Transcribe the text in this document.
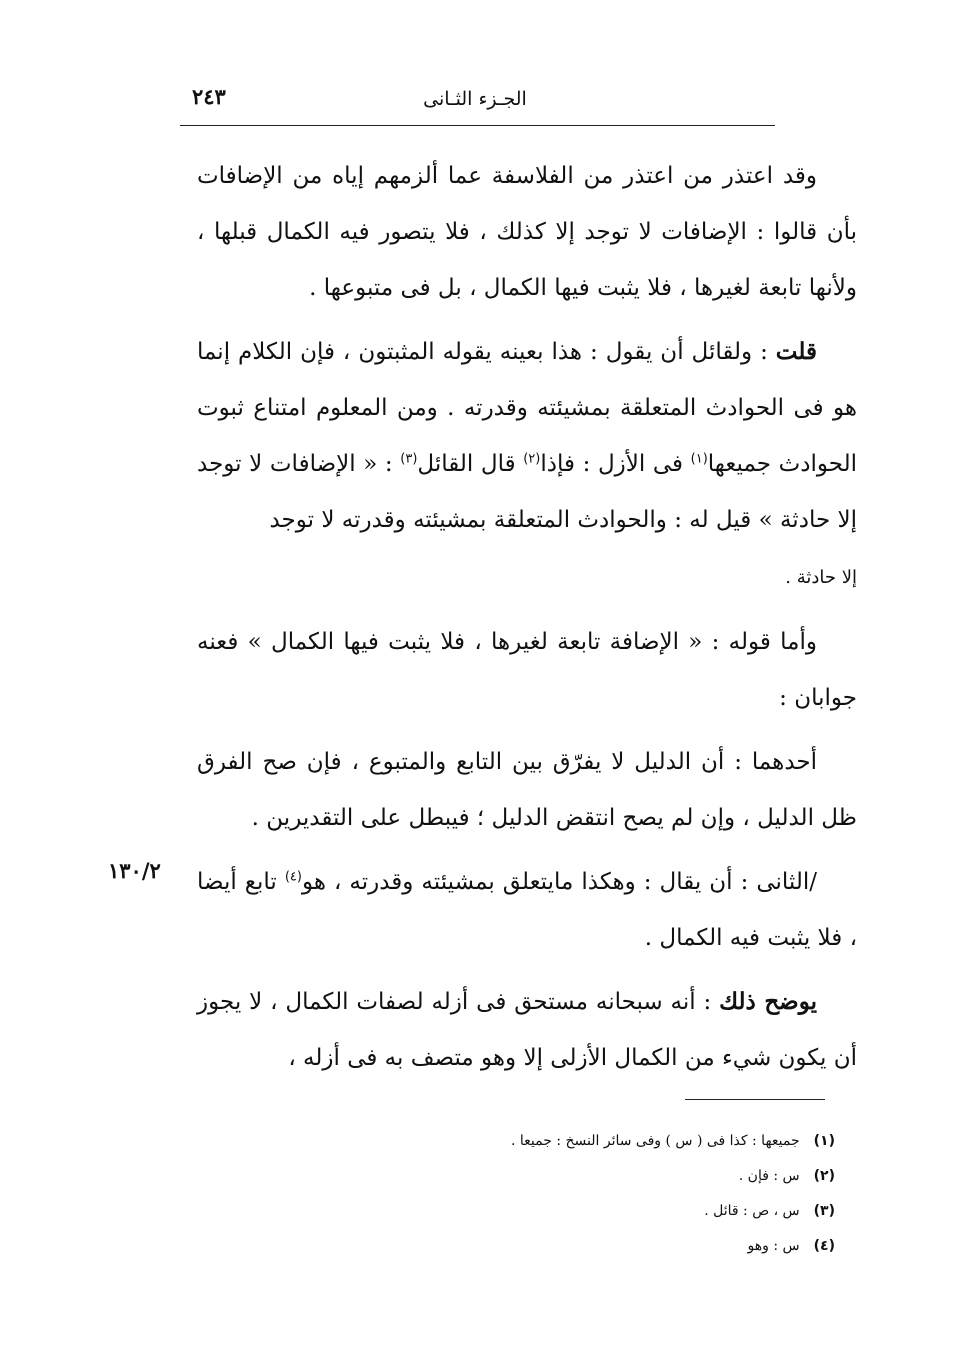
الجـزء الثـانى
٢٤٣

وقد اعتذر من اعتذر من الفلاسفة عما ألزمهم إياه من الإضافات بأن قالوا : الإضافات لا توجد إلا كذلك ، فلا يتصور فيه الكمال قبلها ، ولأنها تابعة لغيرها ، فلا يثبت فيها الكمال ، بل فى متبوعها .

قلت : ولقائل أن يقول : هذا بعينه يقوله المثبتون ، فإن الكلام إنما هو فى الحوادث المتعلقة بمشيئته وقدرته . ومن المعلوم امتناع ثبوت الحوادث جميعها$^{(١)}$ فى الأزل : فإذا$^{(٢)}$ قال القائل$^{(٣)}$ : « الإضافات لا توجد إلا حادثة » قيل له : والحوادث المتعلقة بمشيئته وقدرته لا توجد
إلا حادثة .

وأما قوله : « الإضافة تابعة لغيرها ، فلا يثبت فيها الكمال » فعنه جوابان :

أحدهما : أن الدليل لا يفرّق بين التابع والمتبوع ، فإن صح الفرق ظل الدليل ، وإن لم يصح انتقض الدليل ؛ فيبطل على التقديرين .

/الثانى : أن يقال : وهكذا مايتعلق بمشيئته وقدرته ، هو$^{(٤)}$ تابع أيضا ، فلا يثبت فيه الكمال .

يوضح ذلك : أنه سبحانه مستحق فى أزله لصفات الكمال ، لا يجوز أن يكون شيء من الكمال الأزلى إلا وهو متصف به فى أزله ،

١٣٠/٢
(١)جميعها : كذا فى ( س ) وفى سائر النسخ : جميعا .
(٢)س : فإن .
(٣)س ، ص : قائل .
(٤)س : وهو
